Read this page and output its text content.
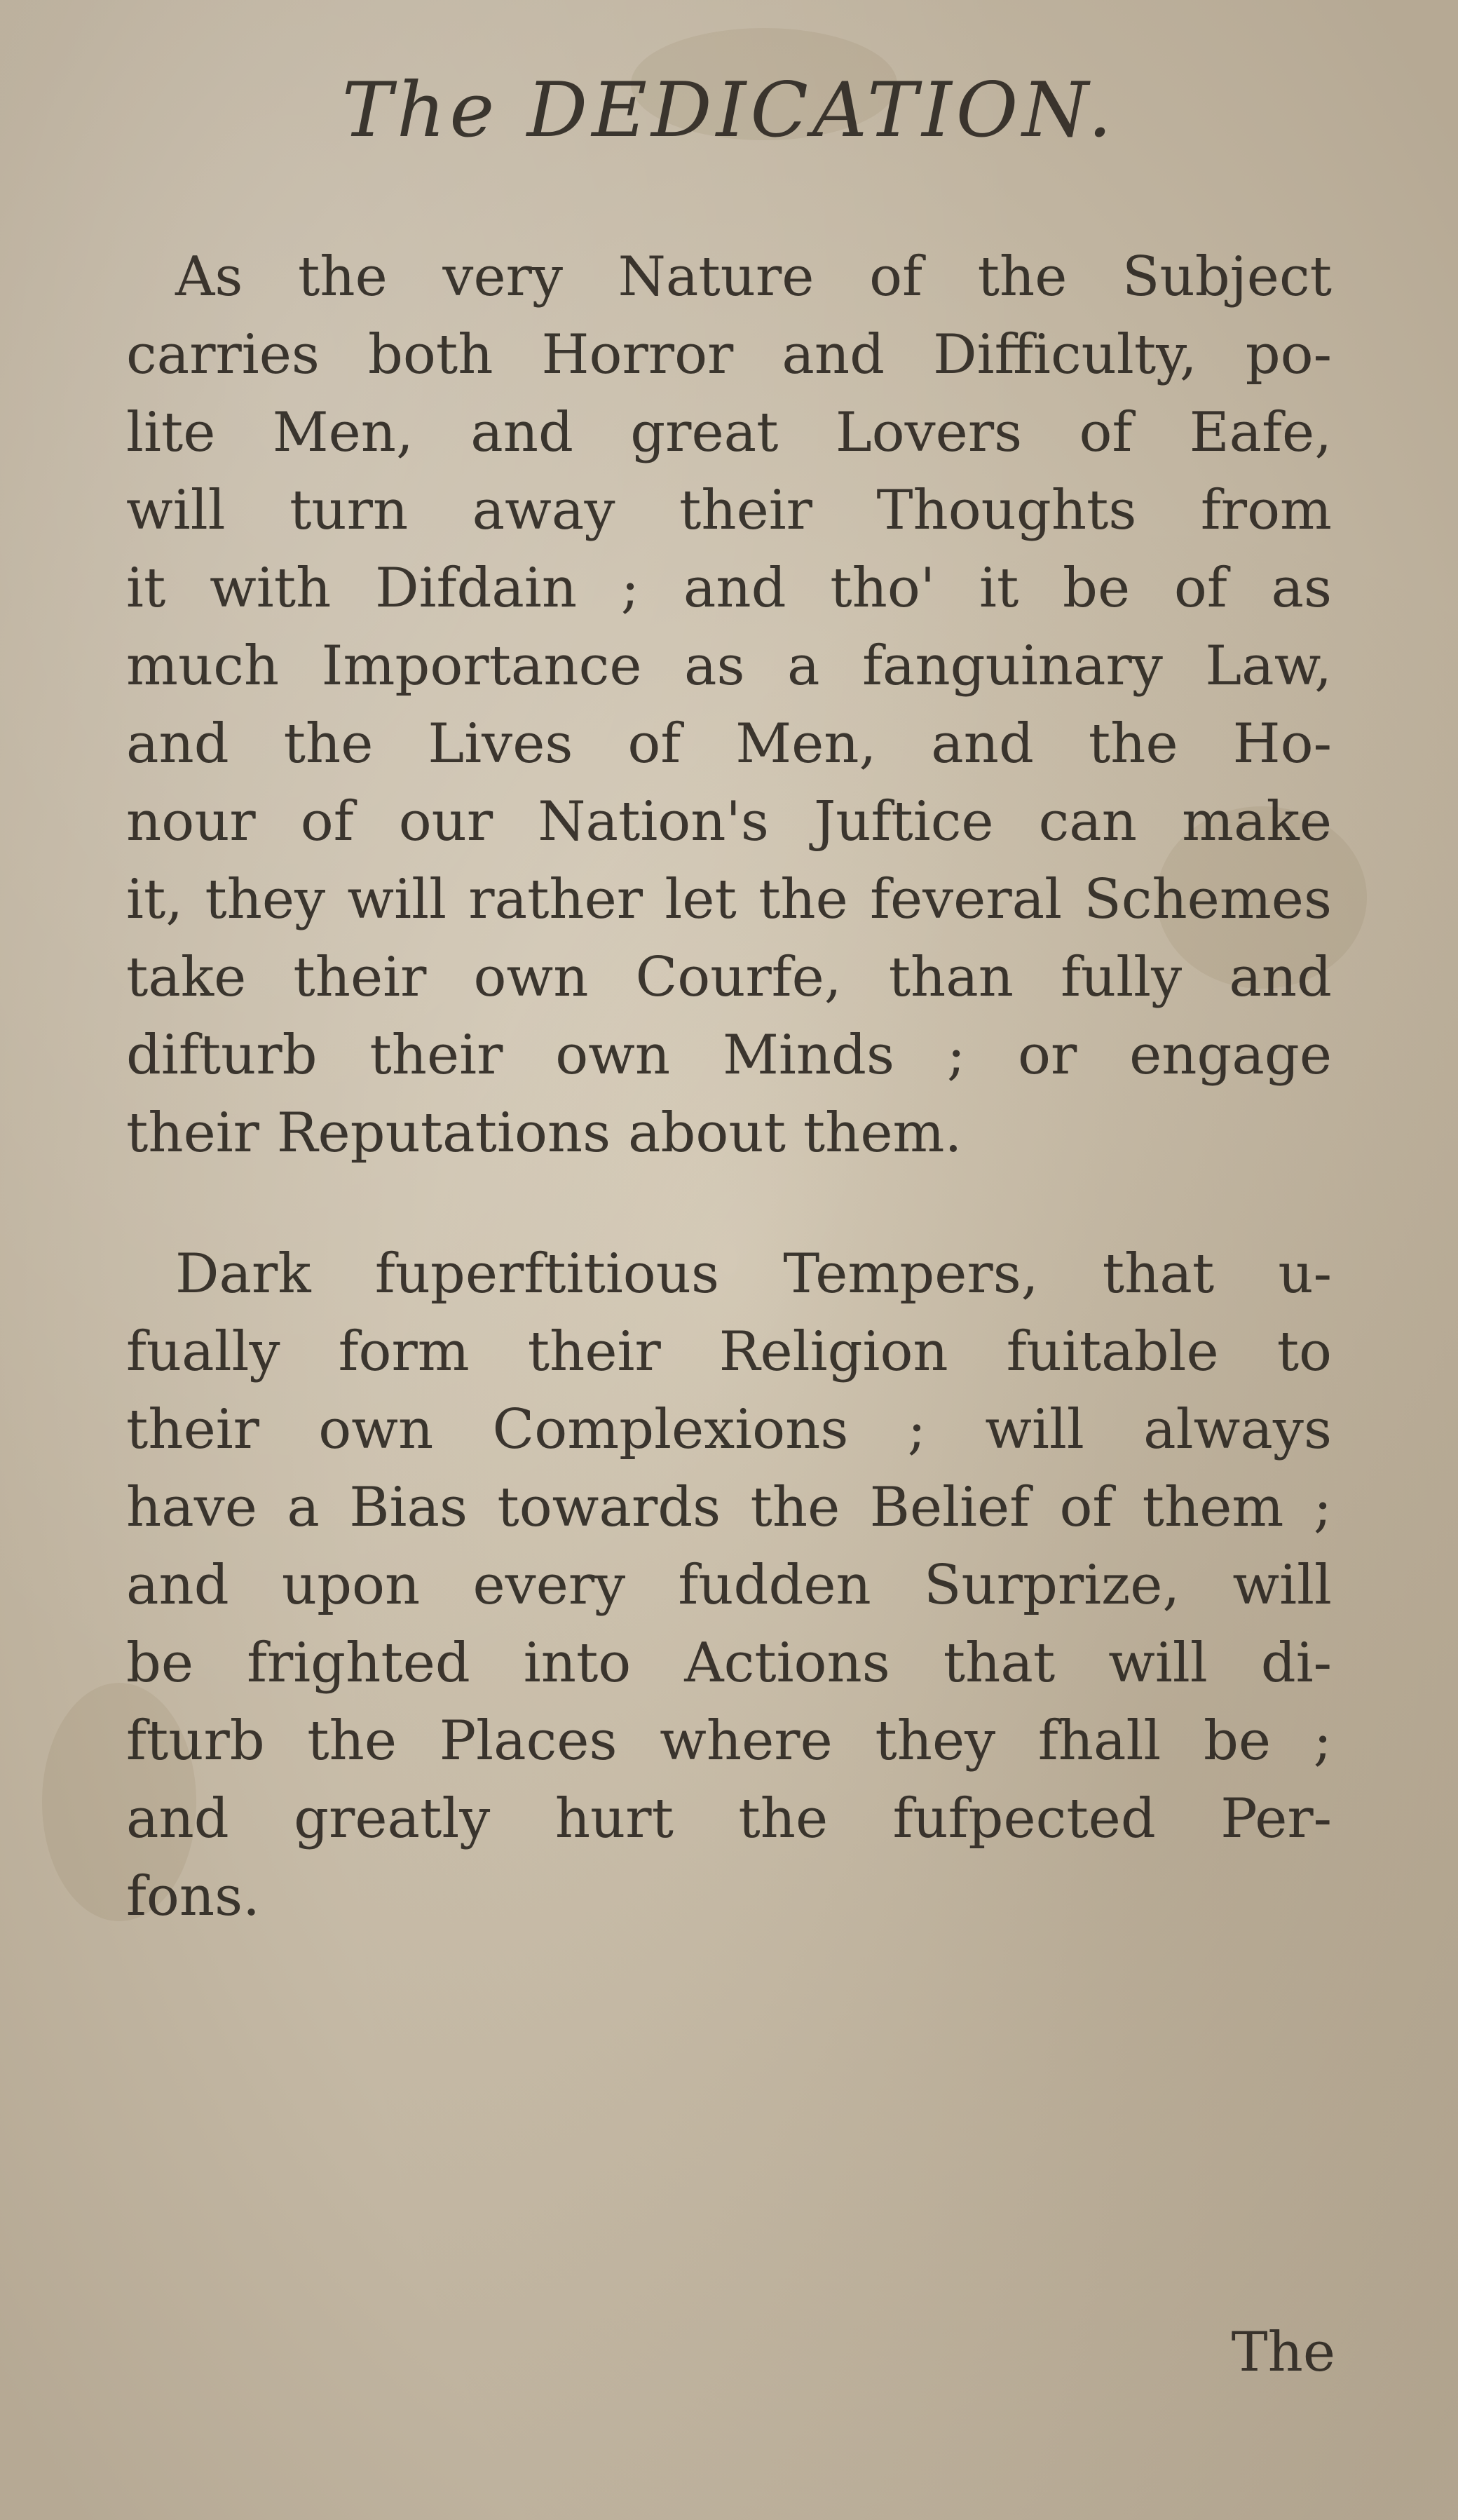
The DEDICATION.
As the very Nature of the Subject
carries both Horror and Difficulty, po-
lite Men, and great Lovers of Eafe,
will turn away their Thoughts from
it with Difdain ; and tho' it be of as
much Importance as a fanguinary Law,
and the Lives of Men, and the Ho-
nour of our Nation's Juftice can make
it, they will rather let the feveral Schemes
take their own Courfe, than fully and
difturb their own Minds ; or engage
their Reputations about them.
Dark fuperftitious Tempers, that u-
fually form their Religion fuitable to
their own Complexions ; will always
have a Bias towards the Belief of them ;
and upon every fudden Surprize, will
be frighted into Actions that will di-
fturb the Places where they fhall be ;
and greatly hurt the fufpected Per-
fons.
The
